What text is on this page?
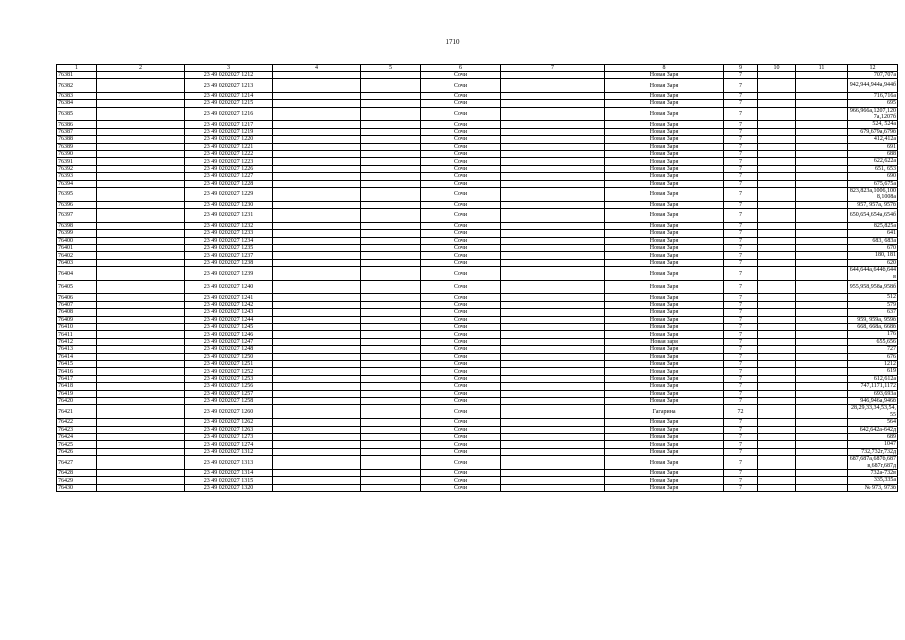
1710
1	2	3	4	5	6	7	8	9	10	11	12
76381		23 49 0202027 1212			Сочи		Новая Заря	7			707,707а
76382		23 49 0202027 1213			Сочи		Новая Заря	7			942,944,944а,944б
76383		23 49 0202027 1214			Сочи		Новая Заря	7			716,716а
76384		23 49 0202027 1215			Сочи		Новая Заря	7			695
76385		23 49 0202027 1216			Сочи		Новая Заря	7			966,966а,1207,1207а,1207б
76386		23 49 0202027 1217			Сочи		Новая Заря	7			524, 524а
76387		23 49 0202027 1219			Сочи		Новая Заря	7			679,679а,679б
76388		23 49 0202027 1220			Сочи		Новая Заря	7			412,412а
76389		23 49 0202027 1221			Сочи		Новая Заря	7			691
76390		23 49 0202027 1222			Сочи		Новая Заря	7			688
76391		23 49 0202027 1223			Сочи		Новая Заря	7			622,622а
76392		23 49 0202027 1226			Сочи		Новая Заря	7			651, 653
76393		23 49 0202027 1227			Сочи		Новая Заря	7			690
76394		23 49 0202027 1228			Сочи		Новая Заря	7			675,675а
76395		23 49 0202027 1229			Сочи		Новая Заря	7			823,823а,1006,1008,1008а
76396		23 49 0202027 1230			Сочи		Новая Заря	7			957, 957а, 957б
76397		23 49 0202027 1231			Сочи		Новая Заря	7			650,654,654а,654б
76398		23 49 0202027 1232			Сочи		Новая Заря	7			825,825а
76399		23 49 0202027 1233			Сочи		Новая Заря	7			641
76400		23 49 0202027 1234			Сочи		Новая Заря	7			683, 683а
76401		23 49 0202027 1235			Сочи		Новая Заря	7			670
76402		23 49 0202027 1237			Сочи		Новая Заря	7			180, 181
76403		23 49 0202027 1238			Сочи		Новая Заря	7			620
76404		23 49 0202027 1239			Сочи		Новая Заря	7			644,644а,644б,644в
76405		23 49 0202027 1240			Сочи		Новая Заря	7			955,958,958а,958б
76406		23 49 0202027 1241			Сочи		Новая Заря	7			512
76407		23 49 0202027 1242			Сочи		Новая Заря	7			579
76408		23 49 0202027 1243			Сочи		Новая Заря	7			637
76409		23 49 0202027 1244			Сочи		Новая Заря	7			959, 959а, 959б
76410		23 49 0202027 1245			Сочи		Новая Заря	7			668, 668а, 668б
76411		23 49 0202027 1246			Сочи		Новая Заря	7			176
76412		23 49 0202027 1247			Сочи		Новая заря	7			655,656
76413		23 49 0202027 1248			Сочи		Новая Заря	7			727
76414		23 49 0202027 1250			Сочи		Новая Заря	7			676
76415		23 49 0202027 1251			Сочи		Новая Заря	7			1212
76416		23 49 0202027 1252			Сочи		Новая Заря	7			619
76417		23 49 0202027 1253			Сочи		Новая Заря	7			612,612а
76418		23 49 0202027 1256			Сочи		Новая Заря	7			747,1171,1172
76419		23 49 0202027 1257			Сочи		Новая Заря	7			693,693а
76420		23 49 0202027 1258			Сочи		Новая Заря	7			946,946а,946б
76421		23 49 0202027 1260			Сочи		Гагарина	72			28,29,33,34,53,54,55
76422		23 49 0202027 1262			Сочи		Новая Заря	7			564
76423		23 49 0202027 1263			Сочи		Новая Заря	7			642,642а-642д
76424		23 49 0202027 1273			Сочи		Новая Заря	7			689
76425		23 49 0202027 1274			Сочи		Новая Заря	7			1047
76426		23 49 0202027 1312			Сочи		Новая Заря	7			732,732г,732д
76427		23 49 0202027 1313			Сочи		Новая Заря	7			687,687а,687б,687в,687г,687д
76428		23 49 0202027 1314			Сочи		Новая Заря	7			732а-732в
76429		23 49 0202027 1315			Сочи		Новая Заря	7			335,335а
76430		23 49 0202027 1320			Сочи		Новая Заря	7			№ 973, 973б
